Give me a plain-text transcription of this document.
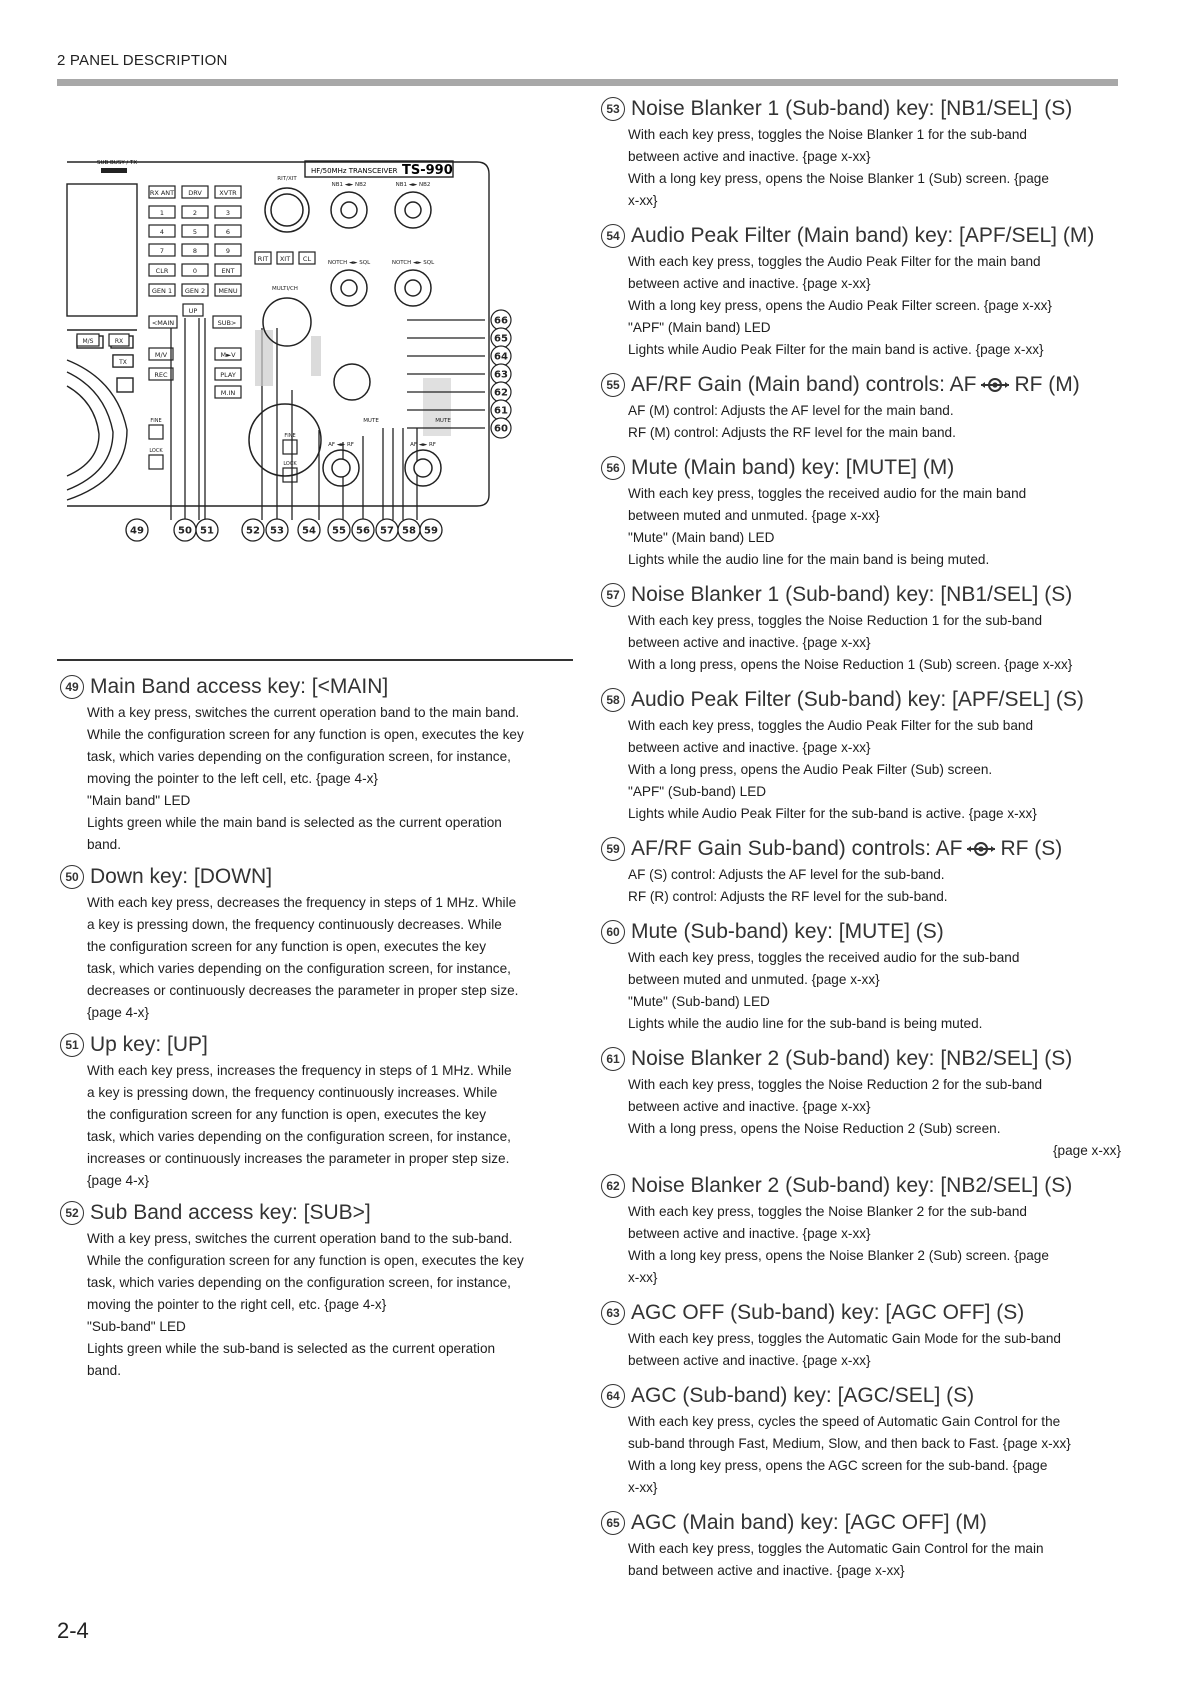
2 PANEL DESCRIPTION
SUB BUSY / TX
HF/50MHz TRANSCEIVER TS-990
RX ANT DRV	XVTR
1	2	3
4	5	6
7	8	9
CLR	0	ENT
GEN 1 GEN 2 MENU
<MAIN
UP
SUB>
M/V	M►V
REC	PLAY
M.IN
RIT XIT CL
FINE
LOCK
FINE
LOCK
M/S	RX
TX
RIT/XIT
NB1 ◄► NB2	NB1 ◄► NB2
NOTCH ◄► SQL	NOTCH ◄► SQL
MULTI/CH
AF ◄► RF	AF ◄► RF
MUTE	MUTE
66
65
64
63
62
61
60
49	50 51	52 53 54 55 56 57 58 59
49 Main Band access key: [<MAIN]

With a key press, switches the current operation band to the main band.

While the configuration screen for any function is open, executes the key

task, which varies depending on the configuration screen, for instance,

moving the pointer to the left cell, etc. {page 4-x}

"Main band" LED

Lights green while the main band is selected as the current operation

band.

50 Down key: [DOWN]

With each key press, decreases the frequency in steps of 1 MHz. While

a key is pressing down, the frequency continuously decreases. While

the configuration screen for any function is open, executes the key

task, which varies depending on the configuration screen, for instance,

decreases or continuously decreases the parameter in proper step size.

{page 4-x}

51 Up key: [UP]

With each key press, increases the frequency in steps of 1 MHz. While

a key is pressing down, the frequency continuously increases. While

the configuration screen for any function is open, executes the key

task, which varies depending on the configuration screen, for instance,

increases or continuously increases the parameter in proper step size.

{page 4-x}

52 Sub Band access key: [SUB>]

With a key press, switches the current operation band to the sub-band.

While the configuration screen for any function is open, executes the key

task, which varies depending on the configuration screen, for instance,

moving the pointer to the right cell, etc. {page 4-x}

"Sub-band" LED

Lights green while the sub-band is selected as the current operation

band.

53 Noise Blanker 1 (Sub-band) key: [NB1/SEL] (S)

With each key press, toggles the Noise Blanker 1 for the sub-band

between active and inactive. {page x-xx}

With a long key press, opens the Noise Blanker 1 (Sub) screen. {page

x-xx}

54 Audio Peak Filter (Main band) key: [APF/SEL] (M)

With each key press, toggles the Audio Peak Filter for the main band

between active and inactive. {page x-xx}

With a long key press, opens the Audio Peak Filter screen. {page x-xx}

"APF" (Main band) LED

Lights while Audio Peak Filter for the main band is active. {page x-xx}

55 AF/RF Gain (Main band) controls: AF RF (M)

AF (M) control: Adjusts the AF level for the main band.

RF (M) control: Adjusts the RF level for the main band.

56 Mute (Main band) key: [MUTE] (M)

With each key press, toggles the received audio for the main band

between muted and unmuted. {page x-xx}

"Mute" (Main band) LED

Lights while the audio line for the main band is being muted.

57 Noise Blanker 1 (Sub-band) key: [NB1/SEL] (S)

With each key press, toggles the Noise Reduction 1 for the sub-band

between active and inactive. {page x-xx}

With a long press, opens the Noise Reduction 1 (Sub) screen. {page x-xx}

58 Audio Peak Filter (Sub-band) key: [APF/SEL] (S)

With each key press, toggles the Audio Peak Filter for the sub band

between active and inactive. {page x-xx}

With a long press, opens the Audio Peak Filter (Sub) screen.

"APF" (Sub-band) LED

Lights while Audio Peak Filter for the sub-band is active. {page x-xx}

59 AF/RF Gain Sub-band) controls: AF RF (S)

AF (S) control: Adjusts the AF level for the sub-band.

RF (R) control: Adjusts the RF level for the sub-band.

60 Mute (Sub-band) key: [MUTE] (S)

With each key press, toggles the received audio for the sub-band

between muted and unmuted. {page x-xx}

"Mute" (Sub-band) LED

Lights while the audio line for the sub-band is being muted.

61 Noise Blanker 2 (Sub-band) key: [NB2/SEL] (S)

With each key press, toggles the Noise Reduction 2 for the sub-band

between active and inactive. {page x-xx}

With a long press, opens the Noise Reduction 2 (Sub) screen.

{page x-xx}

62 Noise Blanker 2 (Sub-band) key: [NB2/SEL] (S)

With each key press, toggles the Noise Blanker 2 for the sub-band

between active and inactive. {page x-xx}

With a long key press, opens the Noise Blanker 2 (Sub) screen. {page

x-xx}

63 AGC OFF (Sub-band) key: [AGC OFF] (S)

With each key press, toggles the Automatic Gain Mode for the sub-band

between active and inactive. {page x-xx}

64 AGC (Sub-band) key: [AGC/SEL] (S)

With each key press, cycles the speed of Automatic Gain Control for the

sub-band through Fast, Medium, Slow, and then back to Fast. {page x-xx}

With a long key press, opens the AGC screen for the sub-band. {page

x-xx}

65 AGC (Main band) key: [AGC OFF] (M)

With each key press, toggles the Automatic Gain Control for the main

band between active and inactive. {page x-xx}

2-4
